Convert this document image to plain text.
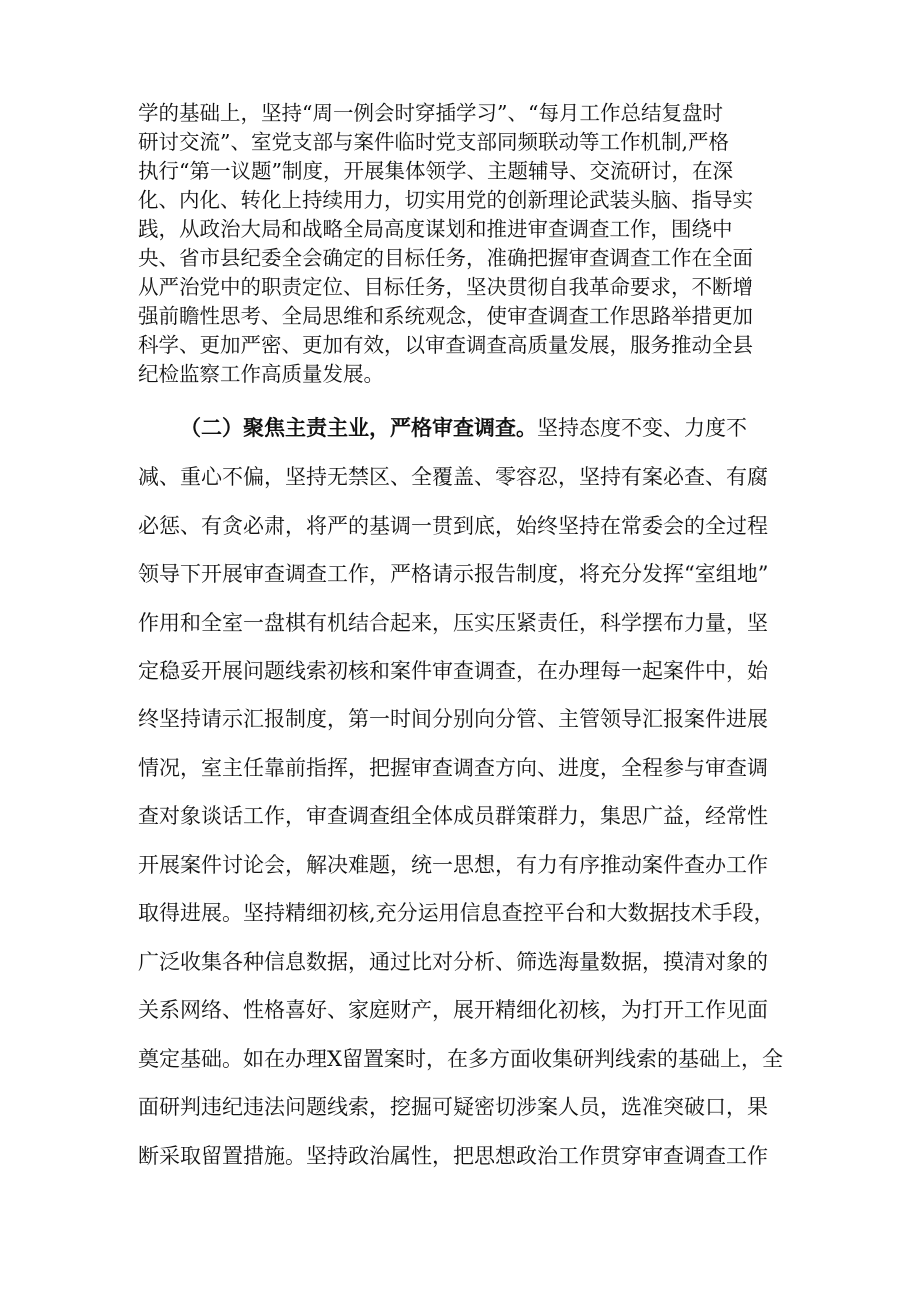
学的基础上，坚持“周一例会时穿插学习”、“每月工作总结复盘时
研讨交流”、室党支部与案件临时党支部同频联动等工作机制,严格
执行“第一议题”制度，开展集体领学、主题辅导、交流研讨，在深
化、内化、转化上持续用力，切实用党的创新理论武装头脑、指导实
践，从政治大局和战略全局高度谋划和推进审查调查工作，围绕中
央、省市县纪委全会确定的目标任务，准确把握审查调查工作在全面
从严治党中的职责定位、目标任务，坚决贯彻自我革命要求，不断增
强前瞻性思考、全局思维和系统观念，使审查调查工作思路举措更加
科学、更加严密、更加有效，以审查调查高质量发展，服务推动全县
纪检监察工作高质量发展。
（二）聚焦主责主业，严格审查调查。坚持态度不变、力度不
减、重心不偏，坚持无禁区、全覆盖、零容忍，坚持有案必查、有腐
必惩、有贪必肃，将严的基调一贯到底，始终坚持在常委会的全过程
领导下开展审查调查工作，严格请示报告制度，将充分发挥“室组地”
作用和全室一盘棋有机结合起来，压实压紧责任，科学摆布力量，坚
定稳妥开展问题线索初核和案件审查调查，在办理每一起案件中，始
终坚持请示汇报制度，第一时间分别向分管、主管领导汇报案件进展
情况，室主任靠前指挥，把握审查调查方向、进度，全程参与审查调
查对象谈话工作，审查调查组全体成员群策群力，集思广益，经常性
开展案件讨论会，解决难题，统一思想，有力有序推动案件查办工作
取得进展。坚持精细初核,充分运用信息查控平台和大数据技术手段，
广泛收集各种信息数据，通过比对分析、筛选海量数据，摸清对象的
关系网络、性格喜好、家庭财产，展开精细化初核，为打开工作见面
奠定基础。如在办理X留置案时，在多方面收集研判线索的基础上，全
面研判违纪违法问题线索，挖掘可疑密切涉案人员，选准突破口，果
断采取留置措施。坚持政治属性，把思想政治工作贯穿审查调查工作
